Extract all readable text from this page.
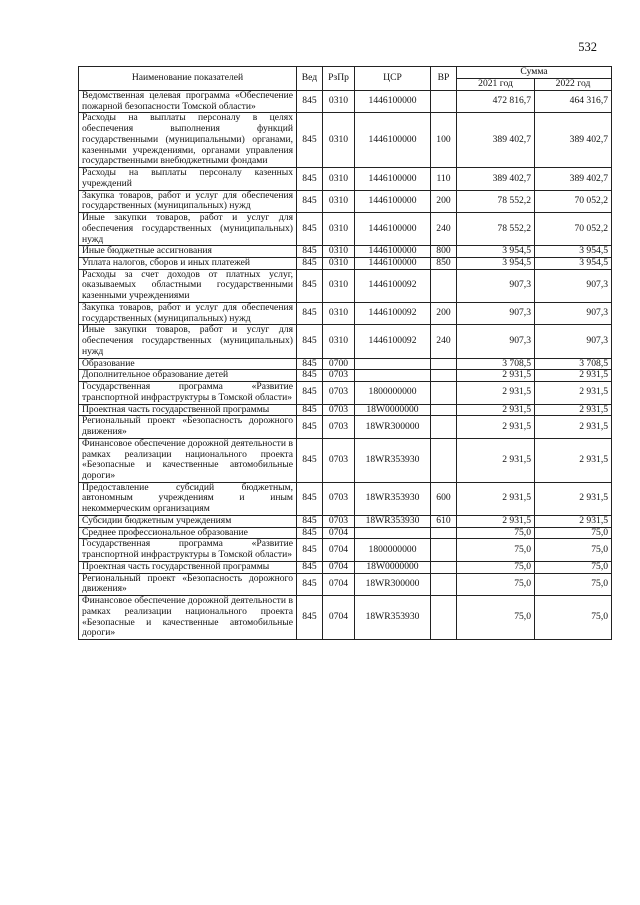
532
Наименование показателей	Вед	РзПр	ЦСР	ВР	Сумма	
					2021 год	2022 год
Ведомственная целевая программа «Обеспечение пожарной безопасности Томской области»	845	0310	1446100000		472 816,7	464 316,7
Расходы на выплаты персоналу в целях обеспечения выполнения функций государственными (муниципальными) органами, казенными учреждениями, органами управления государственными внебюджетными фондами	845	0310	1446100000	100	389 402,7	389 402,7
Расходы на выплаты персоналу казенных учреждений	845	0310	1446100000	110	389 402,7	389 402,7
Закупка товаров, работ и услуг для обеспечения государственных (муниципальных) нужд	845	0310	1446100000	200	78 552,2	70 052,2
Иные закупки товаров, работ и услуг для обеспечения государственных (муниципальных) нужд	845	0310	1446100000	240	78 552,2	70 052,2
Иные бюджетные ассигнования	845	0310	1446100000	800	3 954,5	3 954,5
Уплата налогов, сборов и иных платежей	845	0310	1446100000	850	3 954,5	3 954,5
Расходы за счет доходов от платных услуг, оказываемых областными государственными казенными учреждениями	845	0310	1446100092		907,3	907,3
Закупка товаров, работ и услуг для обеспечения государственных (муниципальных) нужд	845	0310	1446100092	200	907,3	907,3
Иные закупки товаров, работ и услуг для обеспечения государственных (муниципальных) нужд	845	0310	1446100092	240	907,3	907,3
Образование	845	0700			3 708,5	3 708,5
Дополнительное образование детей	845	0703			2 931,5	2 931,5
Государственная программа «Развитие транспортной инфраструктуры в Томской области»	845	0703	1800000000		2 931,5	2 931,5
Проектная часть государственной программы	845	0703	18W0000000		2 931,5	2 931,5
Региональный проект «Безопасность дорожного движения»	845	0703	18WR300000		2 931,5	2 931,5
Финансовое обеспечение дорожной деятельности в рамках реализации национального проекта «Безопасные и качественные автомобильные дороги»	845	0703	18WR353930		2 931,5	2 931,5
Предоставление субсидий бюджетным, автономным учреждениям и иным некоммерческим организациям	845	0703	18WR353930	600	2 931,5	2 931,5
Субсидии бюджетным учреждениям	845	0703	18WR353930	610	2 931,5	2 931,5
Среднее профессиональное образование	845	0704			75,0	75,0
Государственная программа «Развитие транспортной инфраструктуры в Томской области»	845	0704	1800000000		75,0	75,0
Проектная часть государственной программы	845	0704	18W0000000		75,0	75,0
Региональный проект «Безопасность дорожного движения»	845	0704	18WR300000		75,0	75,0
Финансовое обеспечение дорожной деятельности в рамках реализации национального проекта «Безопасные и качественные автомобильные дороги»	845	0704	18WR353930		75,0	75,0
